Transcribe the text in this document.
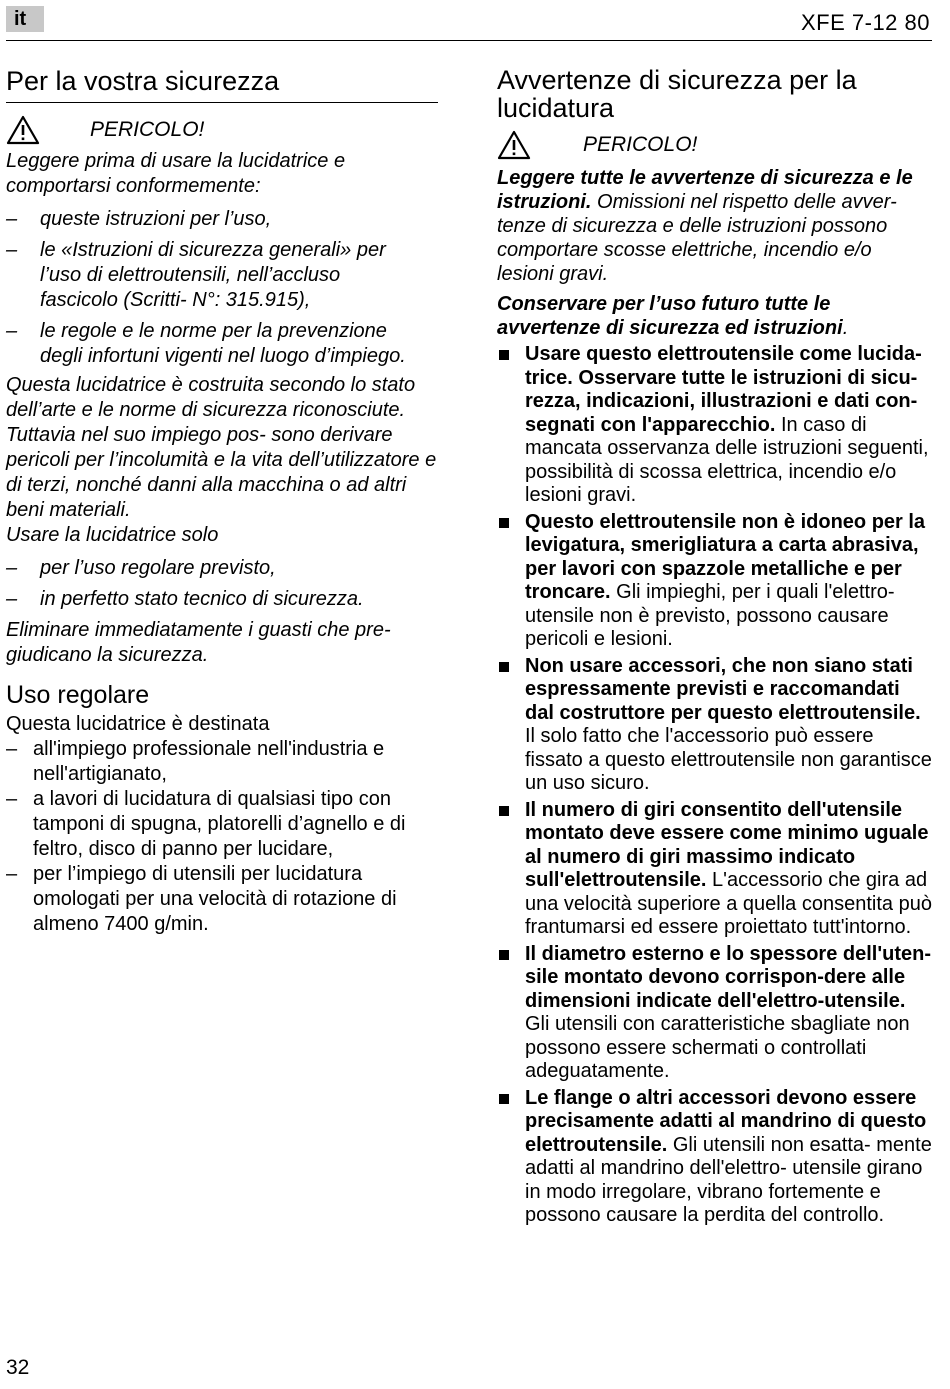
it	XFE 7-12 80
Per la vostra sicurezza
PERICOLO!

Leggere prima di usare la lucidatrice e comportarsi conformemente:

–	queste istruzioni per l’uso,
–	le «Istruzioni di sicurezza generali» per l’uso di elettroutensili, nell’accluso fascicolo (Scritti- N°: 315.915),
–	le regole e le norme per la prevenzione degli infortuni vigenti nel luogo d’impiego.

Questa lucidatrice è costruita secondo lo stato dell’arte e le norme di sicurezza riconosciute. Tuttavia nel suo impiego pos- sono derivare pericoli per l’incolumità e la vita dell’utilizzatore e di terzi, nonché danni alla macchina o ad altri beni materiali.

Usare la lucidatrice solo

–	per l’uso regolare previsto,
–	in perfetto stato tecnico di sicurezza.

Eliminare immediatamente i guasti che pre- giudicano la sicurezza.

Uso regolare

Questa lucidatrice è destinata

– all'impiego professionale nell'industria e nell'artigianato,
– a lavori di lucidatura di qualsiasi tipo con tamponi di spugna, platorelli d’agnello e di feltro, disco di panno per lucidare,
– per l’impiego di utensili per lucidatura omologati per una velocità di rotazione di almeno 7400 g/min.
Avvertenze di sicurezza per la lucidatura
PERICOLO!

Leggere tutte le avvertenze di sicurezza e le istruzioni. Omissioni nel rispetto delle avver- tenze di sicurezza e delle istruzioni possono comportare scosse elettriche, incendio e/o lesioni gravi.

Conservare per l’uso futuro tutte le avvertenze di sicurezza ed istruzioni.

Usare questo elettroutensile come lucida- trice. Osservare tutte le istruzioni di sicu- rezza, indicazioni, illustrazioni e dati con- segnati con l'apparecchio. In caso di mancata osservanza delle istruzioni seguenti, possibilità di scossa elettrica, incendio e/o lesioni gravi.
Questo elettroutensile non è idoneo per la levigatura, smerigliatura a carta abrasiva, per lavori con spazzole metalliche e per troncare. Gli impieghi, per i quali l'elettro- utensile non è previsto, possono causare pericoli e lesioni.
Non usare accessori, che non siano stati espressamente previsti e raccomandati dal costruttore per questo elettroutensile. Il solo fatto che l'accessorio può essere fissato a questo elettroutensile non garantisce un uso sicuro.
Il numero di giri consentito dell'utensile montato deve essere come minimo uguale al numero di giri massimo indicato sull'elettroutensile. L'accessorio che gira ad una velocità superiore a quella consentita può frantumarsi ed essere proiettato tutt'intorno.
Il diametro esterno e lo spessore dell'uten- sile montato devono corrispon-dere alle dimensioni indicate dell'elettro-utensile. Gli utensili con caratteristiche sbagliate non possono essere schermati o controllati adeguatamente.
Le flange o altri accessori devono essere precisamente adatti al mandrino di questo elettroutensile. Gli utensili non esatta- mente adatti al mandrino dell'elettro- utensile girano in modo irregolare, vibrano fortemente e possono causare la perdita del controllo.
32
